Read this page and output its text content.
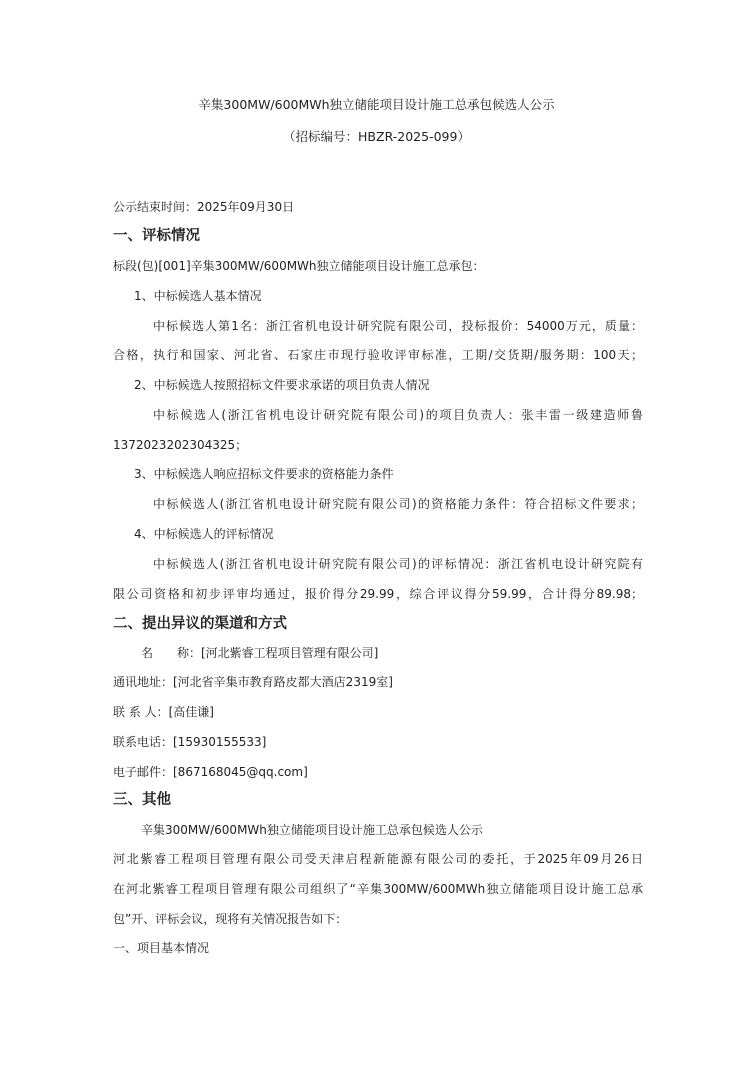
辛集300MW/600MWh独立储能项目设计施工总承包候选人公示

（招标编号：HBZR-2025-099）

公示结束时间：2025年09月30日

一、评标情况

标段(包)[001]辛集300MW/600MWh独立储能项目设计施工总承包：

1、中标候选人基本情况

中标候选人第1名：浙江省机电设计研究院有限公司，投标报价：54000万元，质量：

合格，执行和国家、河北省、石家庄市现行验收评审标准，工期/交货期/服务期：100天；

2、中标候选人按照招标文件要求承诺的项目负责人情况

中标候选人(浙江省机电设计研究院有限公司)的项目负责人：张丰雷一级建造师鲁

1372023202304325；

3、中标候选人响应招标文件要求的资格能力条件

中标候选人(浙江省机电设计研究院有限公司)的资格能力条件：符合招标文件要求；

4、中标候选人的评标情况

中标候选人(浙江省机电设计研究院有限公司)的评标情况：浙江省机电设计研究院有

限公司资格和初步评审均通过，报价得分29.99，综合评议得分59.99，合计得分89.98；

二、提出异议的渠道和方式

名　　称：[河北紫睿工程项目管理有限公司]

通讯地址：[河北省辛集市教育路皮都大酒店2319室]

联 系 人：[高佳谦]

联系电话：[15930155533]

电子邮件：[867168045@qq.com]

三、其他

辛集300MW/600MWh独立储能项目设计施工总承包候选人公示

河北紫睿工程项目管理有限公司受天津启程新能源有限公司的委托，于2025年09月26日

在河北紫睿工程项目管理有限公司组织了“辛集300MW/600MWh独立储能项目设计施工总承

包”开、评标会议，现将有关情况报告如下：

一、项目基本情况
